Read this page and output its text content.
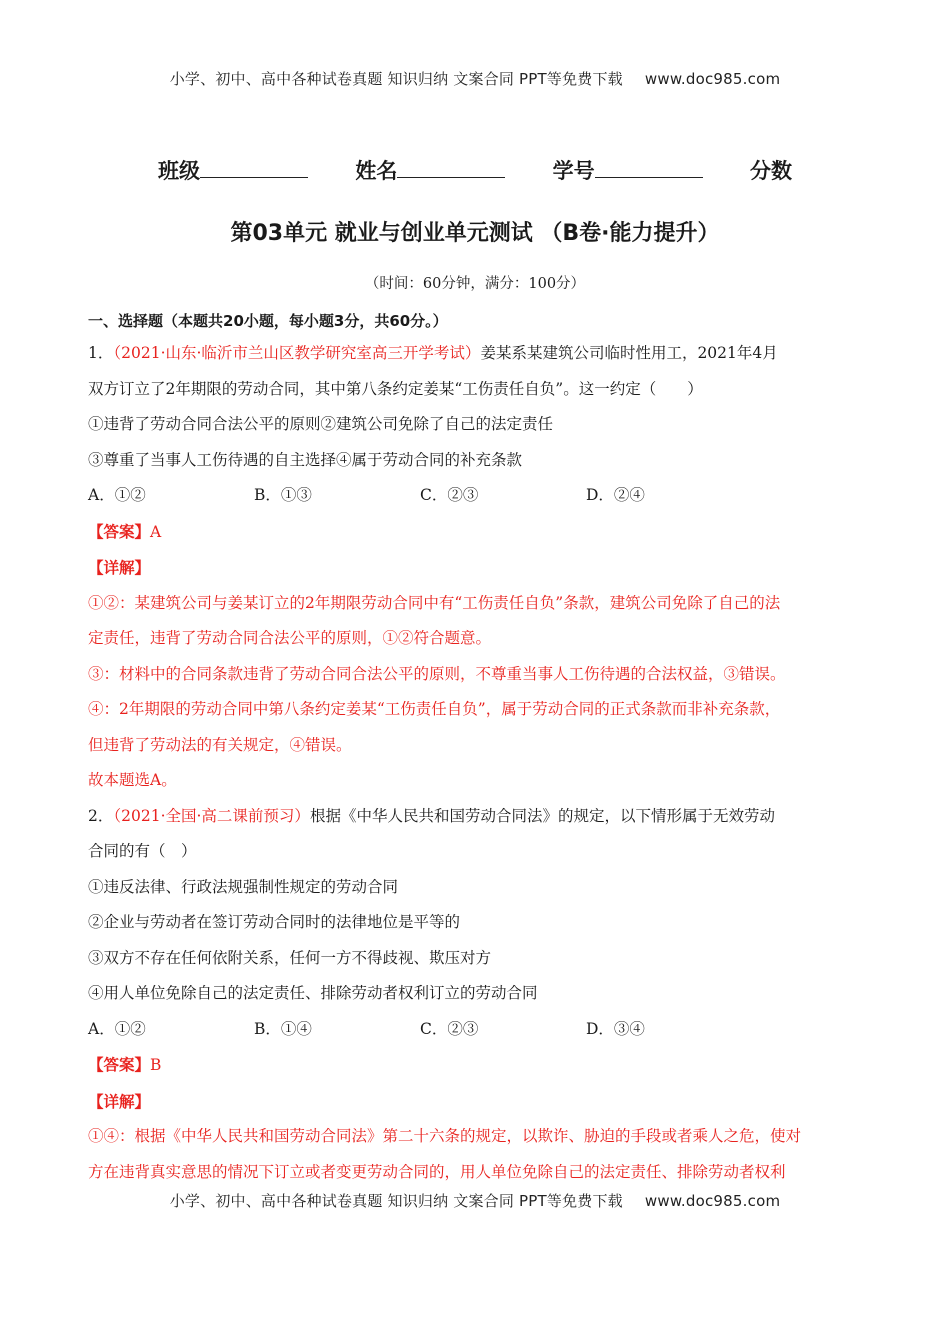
小学、初中、高中各种试卷真题 知识归纳 文案合同 PPT等免费下载 www.doc985.com
班级	姓名	学号	分数
第03单元 就业与创业单元测试 （B卷·能力提升）
（时间：60分钟，满分：100分）
一、选择题（本题共20小题，每小题3分，共60分。）
1．（2021·山东·临沂市兰山区教学研究室高三开学考试）姜某系某建筑公司临时性用工，2021年4月
双方订立了2年期限的劳动合同，其中第八条约定姜某“工伤责任自负”。这一约定（　　）
①违背了劳动合同合法公平的原则②建筑公司免除了自己的法定责任
③尊重了当事人工伤待遇的自主选择④属于劳动合同的补充条款
A．①②	B．①③	C．②③	D．②④
【答案】A
【详解】
①②：某建筑公司与姜某订立的2年期限劳动合同中有“工伤责任自负”条款，建筑公司免除了自己的法
定责任，违背了劳动合同合法公平的原则，①②符合题意。
③：材料中的合同条款违背了劳动合同合法公平的原则，不尊重当事人工伤待遇的合法权益，③错误。
④：2年期限的劳动合同中第八条约定姜某“工伤责任自负”，属于劳动合同的正式条款而非补充条款，
但违背了劳动法的有关规定，④错误。
故本题选A。
2．（2021·全国·高二课前预习）根据《中华人民共和国劳动合同法》的规定，以下情形属于无效劳动
合同的有（　）
①违反法律、行政法规强制性规定的劳动合同
②企业与劳动者在签订劳动合同时的法律地位是平等的
③双方不存在任何依附关系，任何一方不得歧视、欺压对方
④用人单位免除自己的法定责任、排除劳动者权利订立的劳动合同
A．①②	B．①④	C．②③	D．③④
【答案】B
【详解】
①④：根据《中华人民共和国劳动合同法》第二十六条的规定，以欺诈、胁迫的手段或者乘人之危，使对
方在违背真实意思的情况下订立或者变更劳动合同的，用人单位免除自己的法定责任、排除劳动者权利
小学、初中、高中各种试卷真题 知识归纳 文案合同 PPT等免费下载 www.doc985.com
